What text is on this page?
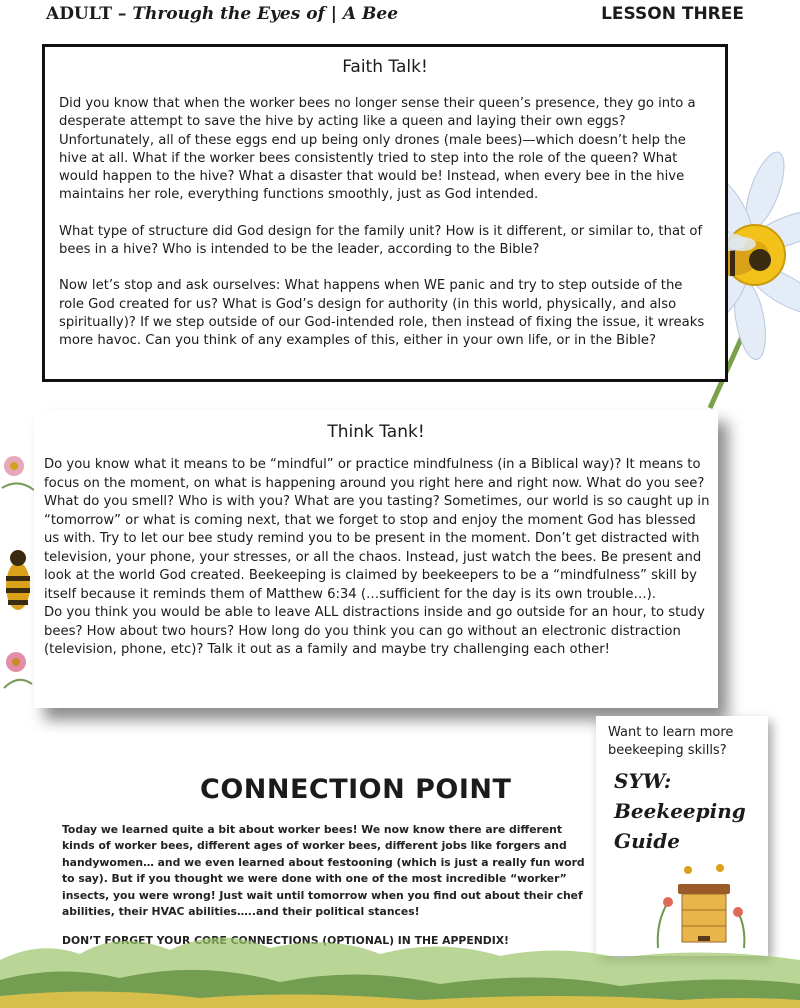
ADULT – Through the Eyes of | A Bee	LESSON THREE
Faith Talk!

Did you know that when the worker bees no longer sense their queen’s presence, they go into a desperate attempt to save the hive by acting like a queen and laying their own eggs? Unfortunately, all of these eggs end up being only drones (male bees)—which doesn’t help the hive at all. What if the worker bees consistently tried to step into the role of the queen? What would happen to the hive? What a disaster that would be! Instead, when every bee in the hive maintains her role, everything functions smoothly, just as God intended.

What type of structure did God design for the family unit? How is it different, or similar to, that of bees in a hive? Who is intended to be the leader, according to the Bible?

Now let’s stop and ask ourselves: What happens when WE panic and try to step outside of the role God created for us? What is God’s design for authority (in this world, physically, and also spiritually)? If we step outside of our God-intended role, then instead of fixing the issue, it wreaks more havoc. Can you think of any examples of this, either in your own life, or in the Bible?

Think Tank!

Do you know what it means to be “mindful” or practice mindfulness (in a Biblical way)? It means to focus on the moment, on what is happening around you right here and right now. What do you see? What do you smell? Who is with you? What are you tasting? Sometimes, our world is so caught up in “tomorrow” or what is coming next, that we forget to stop and enjoy the moment God has blessed us with. Try to let our bee study remind you to be present in the moment. Don’t get distracted with television, your phone, your stresses, or all the chaos. Instead, just watch the bees. Be present and look at the world God created. Beekeeping is claimed by beekeepers to be a “mindfulness” skill by itself because it reminds them of Matthew 6:34 (…sufficient for the day is its own trouble…).

Do you think you would be able to leave ALL distractions inside and go outside for an hour, to study bees? How about two hours? How long do you think you can go without an electronic distraction (television, phone, etc)? Talk it out as a family and maybe try challenging each other!

Want to learn more
beekeeping skills?
SYW:
Beekeeping
Guide
CONNECTION POINT
Today we learned quite a bit about worker bees! We now know there are different kinds of worker bees, different ages of worker bees, different jobs like forgers and handywomen… and we even learned about festooning (which is just a really fun word to say). But if you thought we were done with one of the most incredible “worker” insects, you were wrong! Just wait until tomorrow when you find out about their chef abilities, their HVAC abilities…..and their political stances!
DON’T FORGET YOUR CORE CONNECTIONS (OPTIONAL) IN THE APPENDIX!
